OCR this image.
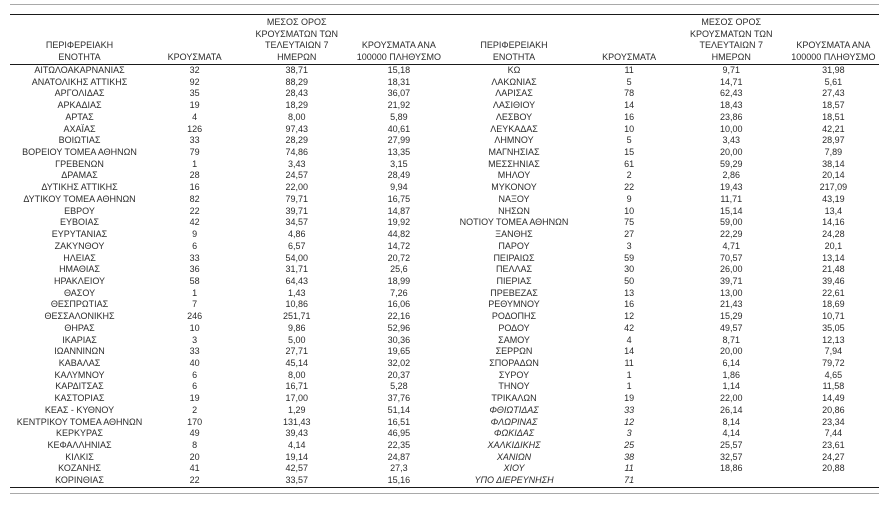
ΠΕΡΙΦΕΡΕΙΑΚΗ ΕΝΟΤΗΤΑ	ΚΡΟΥΣΜΑΤΑ	ΜΕΣΟΣ ΟΡΟΣ ΚΡΟΥΣΜΑΤΩΝ ΤΩΝ ΤΕΛΕΥΤΑΙΩΝ 7 ΗΜΕΡΩΝ	ΚΡΟΥΣΜΑΤΑ ΑΝΑ 100000 ΠΛΗΘΥΣΜΟ
ΑΙΤΩΛΟΑΚΑΡΝΑΝΙΑΣ	32	38,71	15,18
ΑΝΑΤΟΛΙΚΗΣ ΑΤΤΙΚΗΣ	92	88,29	18,31
ΑΡΓΟΛΙΔΑΣ	35	28,43	36,07
ΑΡΚΑΔΙΑΣ	19	18,29	21,92
ΑΡΤΑΣ	4	8,00	5,89
ΑΧΑΪΑΣ	126	97,43	40,61
ΒΟΙΩΤΙΑΣ	33	28,29	27,99
ΒΟΡΕΙΟΥ ΤΟΜΕΑ ΑΘΗΝΩΝ	79	74,86	13,35
ΓΡΕΒΕΝΩΝ	1	3,43	3,15
ΔΡΑΜΑΣ	28	24,57	28,49
ΔΥΤΙΚΗΣ ΑΤΤΙΚΗΣ	16	22,00	9,94
ΔΥΤΙΚΟΥ ΤΟΜΕΑ ΑΘΗΝΩΝ	82	79,71	16,75
ΕΒΡΟΥ	22	39,71	14,87
ΕΥΒΟΙΑΣ	42	34,57	19,92
ΕΥΡΥΤΑΝΙΑΣ	9	4,86	44,82
ΖΑΚΥΝΘΟΥ	6	6,57	14,72
ΗΛΕΙΑΣ	33	54,00	20,72
ΗΜΑΘΙΑΣ	36	31,71	25,6
ΗΡΑΚΛΕΙΟΥ	58	64,43	18,99
ΘΑΣΟΥ	1	1,43	7,26
ΘΕΣΠΡΩΤΙΑΣ	7	10,86	16,06
ΘΕΣΣΑΛΟΝΙΚΗΣ	246	251,71	22,16
ΘΗΡΑΣ	10	9,86	52,96
ΙΚΑΡΙΑΣ	3	5,00	30,36
ΙΩΑΝΝΙΝΩΝ	33	27,71	19,65
ΚΑΒΑΛΑΣ	40	45,14	32,02
ΚΑΛΥΜΝΟΥ	6	8,00	20,37
ΚΑΡΔΙΤΣΑΣ	6	16,71	5,28
ΚΑΣΤΟΡΙΑΣ	19	17,00	37,76
ΚΕΑΣ - ΚΥΘΝΟΥ	2	1,29	51,14
ΚΕΝΤΡΙΚΟΥ ΤΟΜΕΑ ΑΘΗΝΩΝ	170	131,43	16,51
ΚΕΡΚΥΡΑΣ	49	39,43	46,95
ΚΕΦΑΛΛΗΝΙΑΣ	8	4,14	22,35
ΚΙΛΚΙΣ	20	19,14	24,87
ΚΟΖΑΝΗΣ	41	42,57	27,3
ΚΟΡΙΝΘΙΑΣ	22	33,57	15,16
ΠΕΡΙΦΕΡΕΙΑΚΗ ΕΝΟΤΗΤΑ	ΚΡΟΥΣΜΑΤΑ	ΜΕΣΟΣ ΟΡΟΣ ΚΡΟΥΣΜΑΤΩΝ ΤΩΝ ΤΕΛΕΥΤΑΙΩΝ 7 ΗΜΕΡΩΝ	ΚΡΟΥΣΜΑΤΑ ΑΝΑ 100000 ΠΛΗΘΥΣΜΟ
ΚΩ	11	9,71	31,98
ΛΑΚΩΝΙΑΣ	5	14,71	5,61
ΛΑΡΙΣΑΣ	78	62,43	27,43
ΛΑΣΙΘΙΟΥ	14	18,43	18,57
ΛΕΣΒΟΥ	16	23,86	18,51
ΛΕΥΚΑΔΑΣ	10	10,00	42,21
ΛΗΜΝΟΥ	5	3,43	28,97
ΜΑΓΝΗΣΙΑΣ	15	20,00	7,89
ΜΕΣΣΗΝΙΑΣ	61	59,29	38,14
ΜΗΛΟΥ	2	2,86	20,14
ΜΥΚΟΝΟΥ	22	19,43	217,09
ΝΑΞΟΥ	9	11,71	43,19
ΝΗΣΩΝ	10	15,14	13,4
ΝΟΤΙΟΥ ΤΟΜΕΑ ΑΘΗΝΩΝ	75	59,00	14,16
ΞΑΝΘΗΣ	27	22,29	24,28
ΠΑΡΟΥ	3	4,71	20,1
ΠΕΙΡΑΙΩΣ	59	70,57	13,14
ΠΕΛΛΑΣ	30	26,00	21,48
ΠΙΕΡΙΑΣ	50	39,71	39,46
ΠΡΕΒΕΖΑΣ	13	13,00	22,61
ΡΕΘΥΜΝΟΥ	16	21,43	18,69
ΡΟΔΟΠΗΣ	12	15,29	10,71
ΡΟΔΟΥ	42	49,57	35,05
ΣΑΜΟΥ	4	8,71	12,13
ΣΕΡΡΩΝ	14	20,00	7,94
ΣΠΟΡΑΔΩΝ	11	6,14	79,72
ΣΥΡΟΥ	1	1,86	4,65
ΤΗΝΟΥ	1	1,14	11,58
ΤΡΙΚΑΛΩΝ	19	22,00	14,49
ΦΘΙΩΤΙΔΑΣ	33	26,14	20,86
ΦΛΩΡΙΝΑΣ	12	8,14	23,34
ΦΩΚΙΔΑΣ	3	4,14	7,44
ΧΑΛΚΙΔΙΚΗΣ	25	25,57	23,61
ΧΑΝΙΩΝ	38	32,57	24,27
ΧΙΟΥ	11	18,86	20,88
ΥΠΟ ΔΙΕΡΕΥΝΗΣΗ	71		
